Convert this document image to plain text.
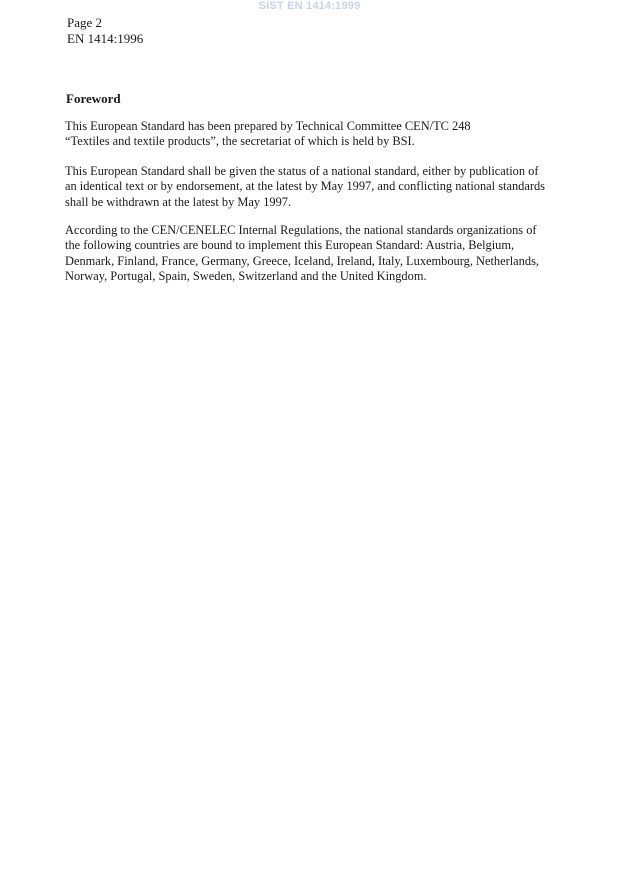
SIST EN 1414:1999
Page 2
EN 1414:1996
Foreword
This European Standard has been prepared by Technical Committee CEN/TC 248
“Textiles and textile products”, the secretariat of which is held by BSI.
This European Standard shall be given the status of a national standard, either by publication of
an identical text or by endorsement, at the latest by May 1997, and conflicting national standards
shall be withdrawn at the latest by May 1997.
According to the CEN/CENELEC Internal Regulations, the national standards organizations of
the following countries are bound to implement this European Standard: Austria, Belgium,
Denmark, Finland, France, Germany, Greece, Iceland, Ireland, Italy, Luxembourg, Netherlands,
Norway, Portugal, Spain, Sweden, Switzerland and the United Kingdom.
